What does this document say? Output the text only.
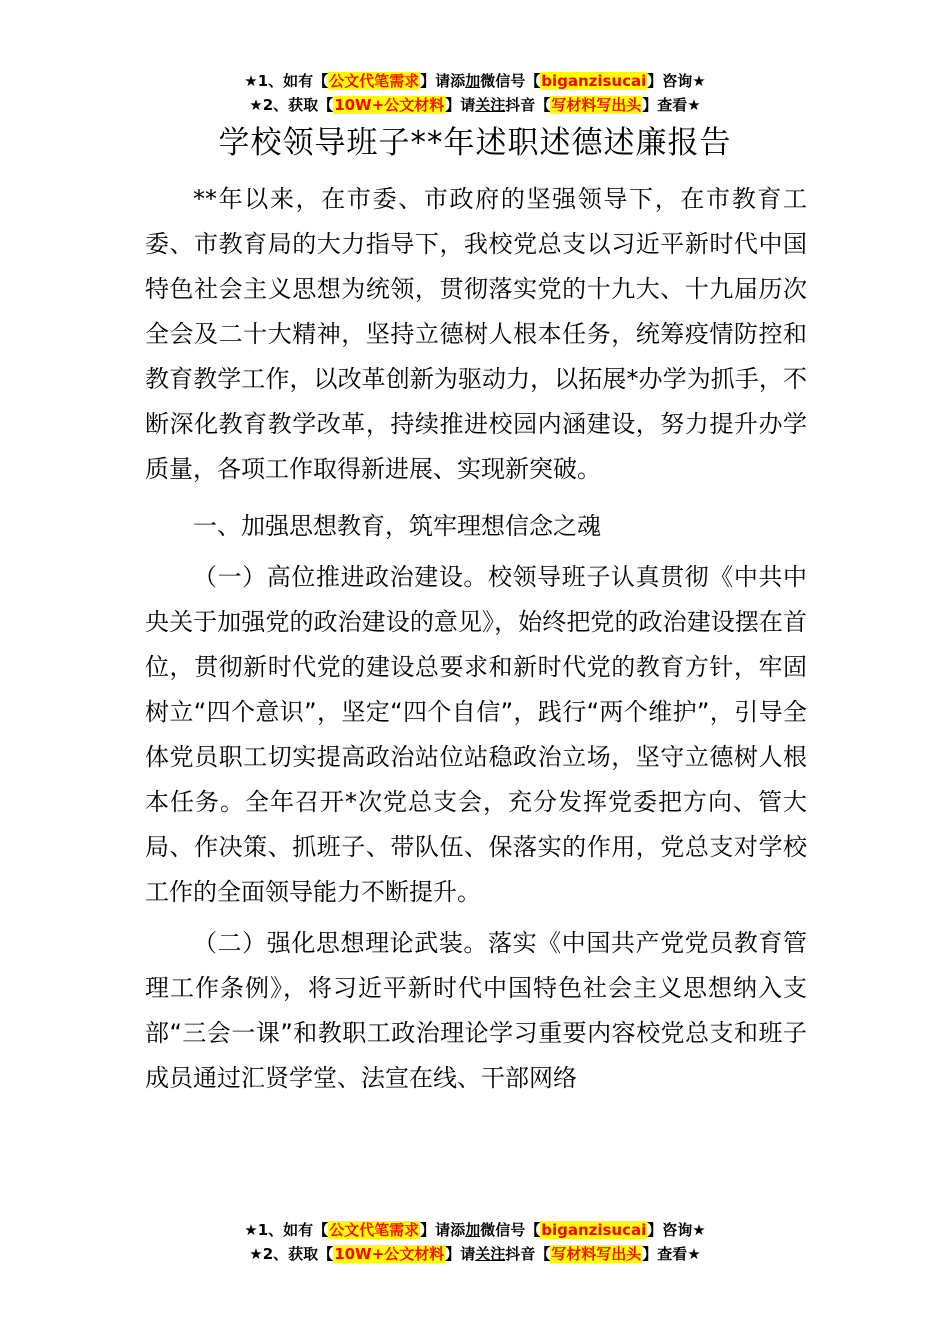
★1、如有【公文代笔需求】请添加微信号【biganzisucai】咨询★
★2、获取【10W+公文材料】请关注抖音【写材料写出头】查看★
学校领导班子**年述职述德述廉报告

**年以来，在市委、市政府的坚强领导下，在市教育工委、市教育局的大力指导下，我校党总支以习近平新时代中国特色社会主义思想为统领，贯彻落实党的十九大、十九届历次全会及二十大精神，坚持立德树人根本任务，统筹疫情防控和教育教学工作，以改革创新为驱动力，以拓展*办学为抓手，不断深化教育教学改革，持续推进校园内涵建设，努力提升办学质量，各项工作取得新进展、实现新突破。

一、加强思想教育，筑牢理想信念之魂

（一）高位推进政治建设。校领导班子认真贯彻《中共中央关于加强党的政治建设的意见》，始终把党的政治建设摆在首位，贯彻新时代党的建设总要求和新时代党的教育方针，牢固树立“四个意识”，坚定“四个自信”，践行“两个维护”，引导全体党员职工切实提高政治站位站稳政治立场，坚守立德树人根本任务。全年召开*次党总支会，充分发挥党委把方向、管大局、作决策、抓班子、带队伍、保落实的作用，党总支对学校工作的全面领导能力不断提升。

（二）强化思想理论武装。落实《中国共产党党员教育管理工作条例》，将习近平新时代中国特色社会主义思想纳入支部“三会一课”和教职工政治理论学习重要内容校党总支和班子成员通过汇贤学堂、法宣在线、干部网络

★1、如有【公文代笔需求】请添加微信号【biganzisucai】咨询★
★2、获取【10W+公文材料】请关注抖音【写材料写出头】查看★
